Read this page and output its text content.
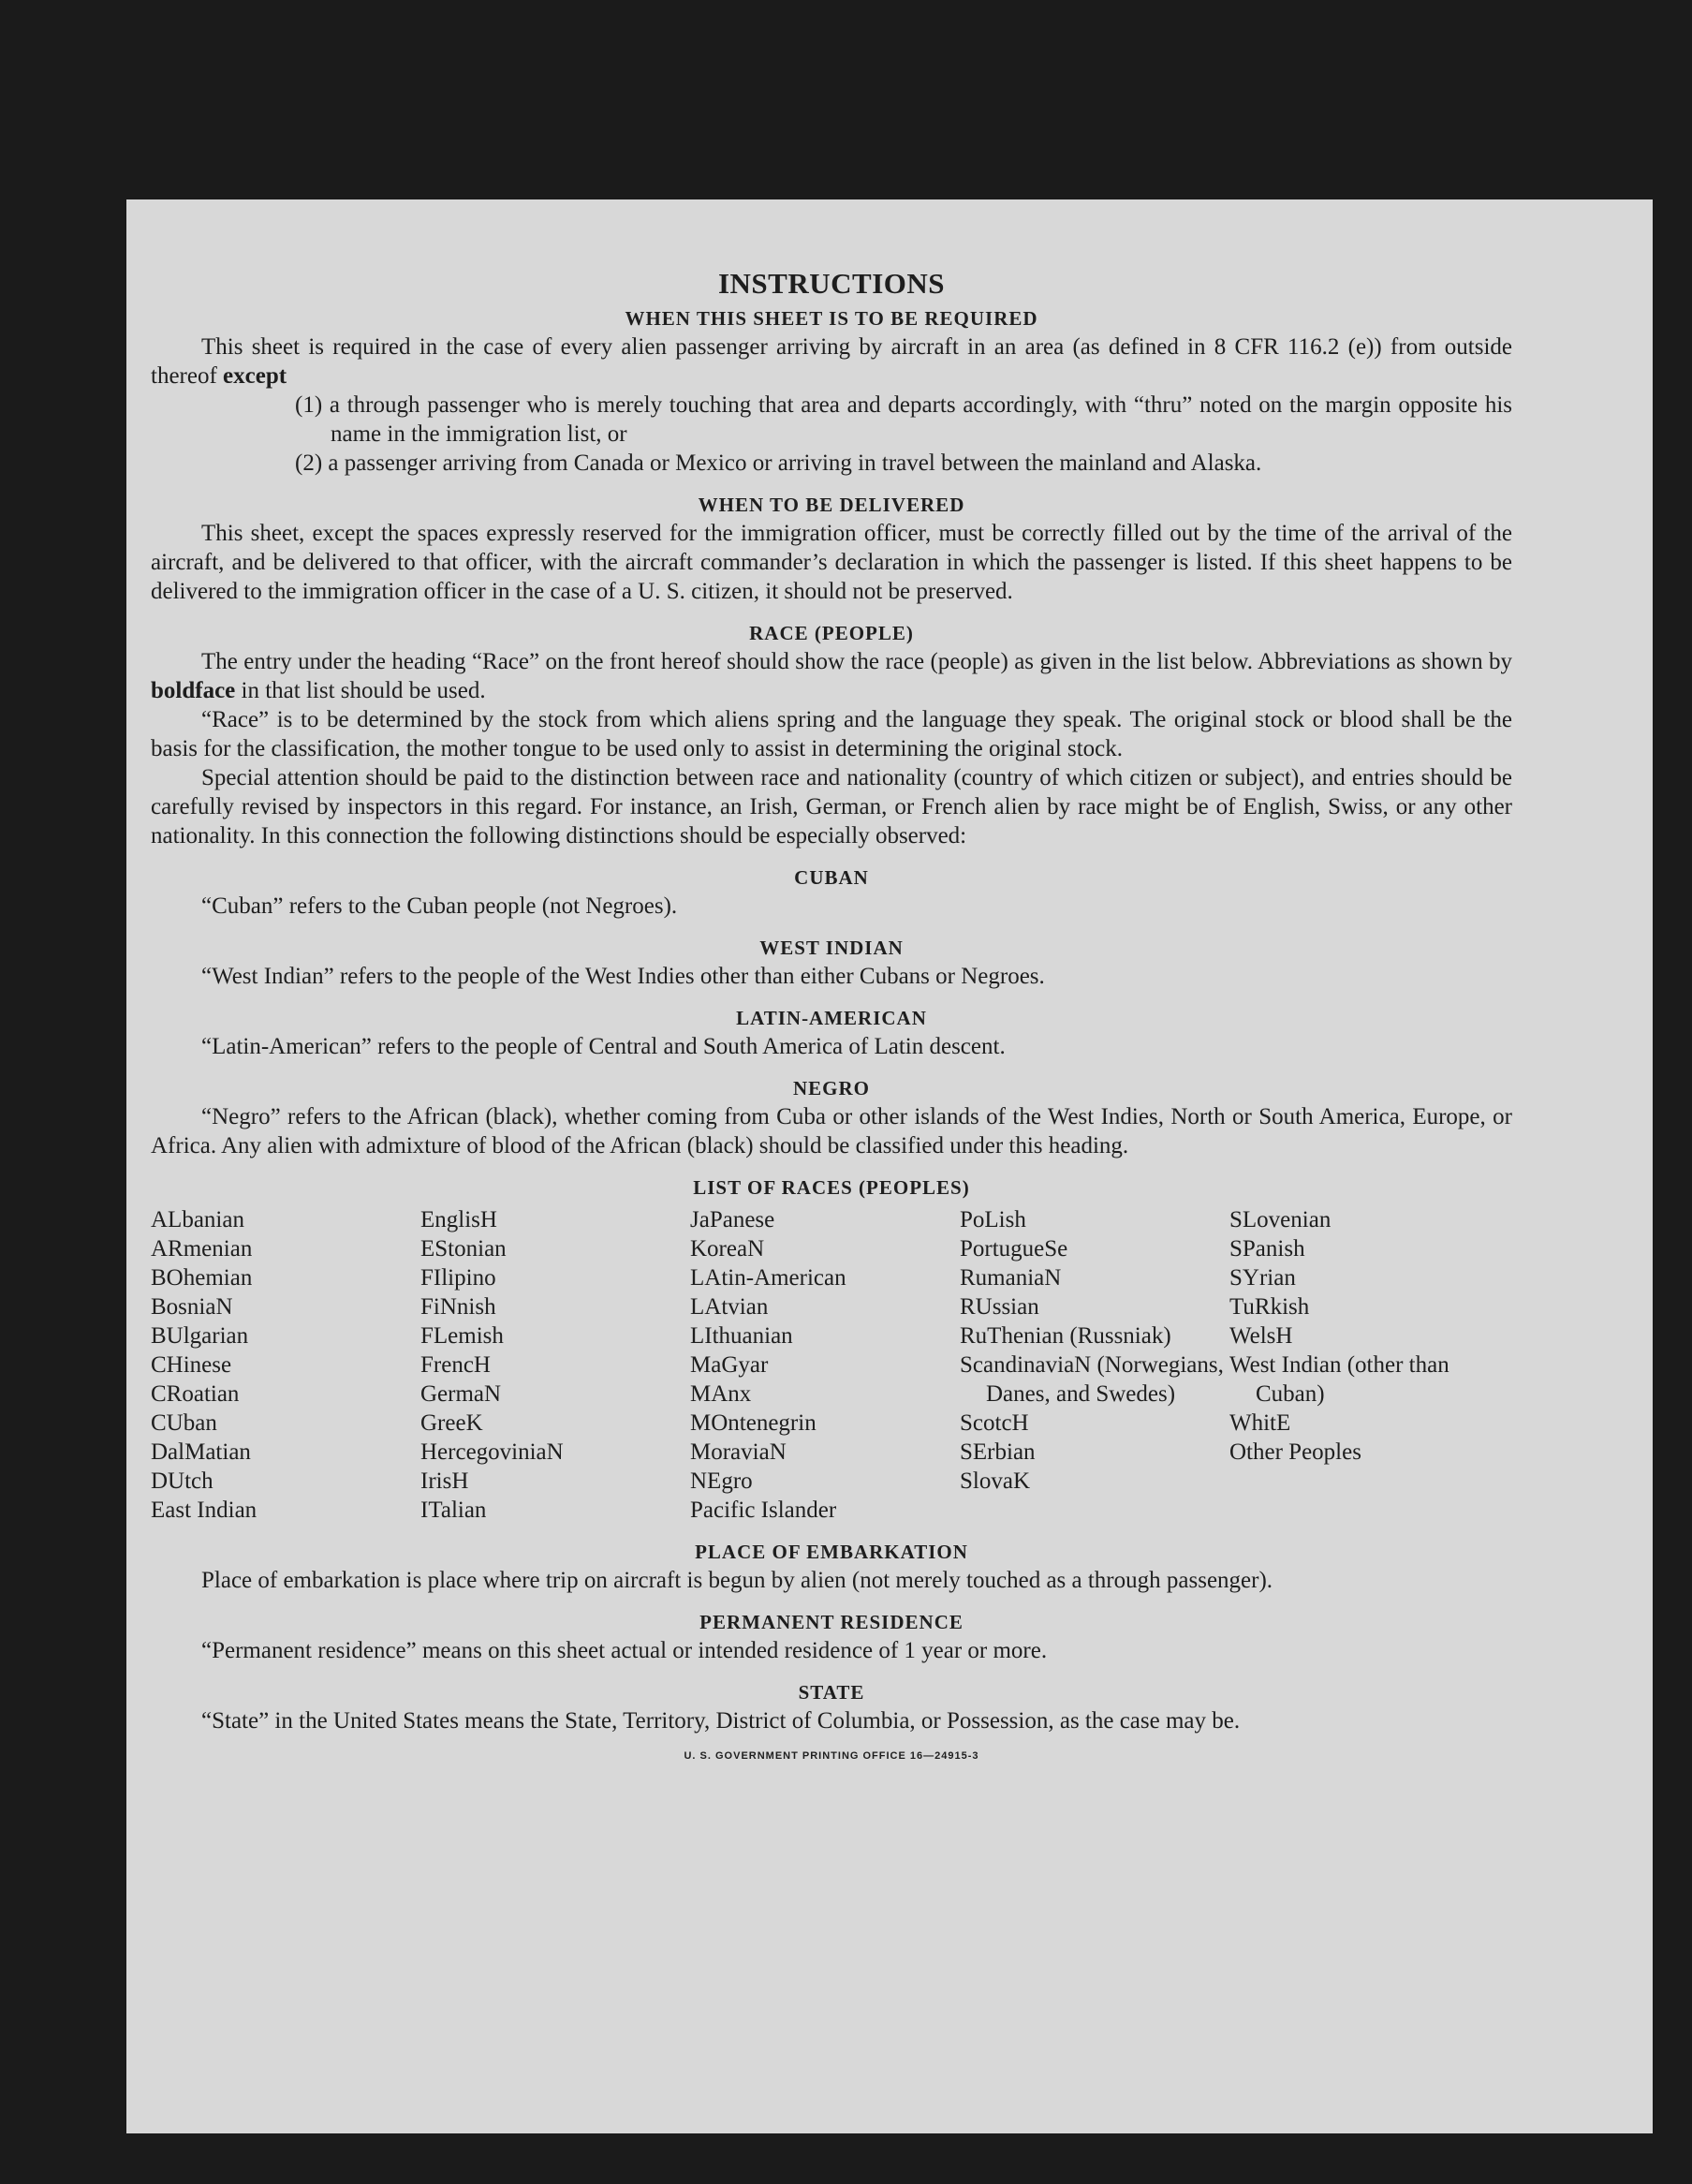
INSTRUCTIONS
WHEN THIS SHEET IS TO BE REQUIRED

This sheet is required in the case of every alien passenger arriving by aircraft in an area (as defined in 8 CFR 116.2 (e)) from outside thereof except

(1) a through passenger who is merely touching that area and departs accordingly, with “thru” noted on the margin opposite his name in the immigration list, or
(2) a passenger arriving from Canada or Mexico or arriving in travel between the mainland and Alaska.
WHEN TO BE DELIVERED

This sheet, except the spaces expressly reserved for the immigration officer, must be correctly filled out by the time of the arrival of the aircraft, and be delivered to that officer, with the aircraft commander’s declaration in which the passenger is listed. If this sheet happens to be delivered to the immigration officer in the case of a U. S. citizen, it should not be preserved.

RACE (PEOPLE)

The entry under the heading “Race” on the front hereof should show the race (people) as given in the list below. Abbreviations as shown by boldface in that list should be used.

“Race” is to be determined by the stock from which aliens spring and the language they speak. The original stock or blood shall be the basis for the classification, the mother tongue to be used only to assist in determining the original stock.

Special attention should be paid to the distinction between race and nationality (country of which citizen or subject), and entries should be carefully revised by inspectors in this regard. For instance, an Irish, German, or French alien by race might be of English, Swiss, or any other nationality. In this connection the following distinctions should be especially observed:

CUBAN

“Cuban” refers to the Cuban people (not Negroes).

WEST INDIAN

“West Indian” refers to the people of the West Indies other than either Cubans or Negroes.

LATIN-AMERICAN

“Latin-American” refers to the people of Central and South America of Latin descent.

NEGRO

“Negro” refers to the African (black), whether coming from Cuba or other islands of the West Indies, North or South America, Europe, or Africa. Any alien with admixture of blood of the African (black) should be classified under this heading.

LIST OF RACES (PEOPLES)
ALbanian
ARmenian
BOhemian
BosniaN
BUlgarian
CHinese
CRoatian
CUban
DalMatian
DUtch
East Indian
EnglisH
EStonian
FIlipino
FiNnish
FLemish
FrencH
GermaN
GreeK
HercegoviniaN
IrisH
ITalian
JaPanese
KoreaN
LAtin-American
LAtvian
LIthuanian
MaGyar
MAnx
MOntenegrin
MoraviaN
NEgro
Pacific Islander
PoLish
PortugueSe
RumaniaN
RUssian
RuThenian (Russniak)
ScandinaviaN (Norwegians, Danes, and Swedes)
ScotcH
SErbian
SlovaK
SLovenian
SPanish
SYrian
TuRkish
WelsH
West Indian (other than Cuban)
WhitE
Other Peoples
PLACE OF EMBARKATION

Place of embarkation is place where trip on aircraft is begun by alien (not merely touched as a through passenger).

PERMANENT RESIDENCE

“Permanent residence” means on this sheet actual or intended residence of 1 year or more.

STATE

“State” in the United States means the State, Territory, District of Columbia, or Possession, as the case may be.

U. S. GOVERNMENT PRINTING OFFICE 16—24915-3
